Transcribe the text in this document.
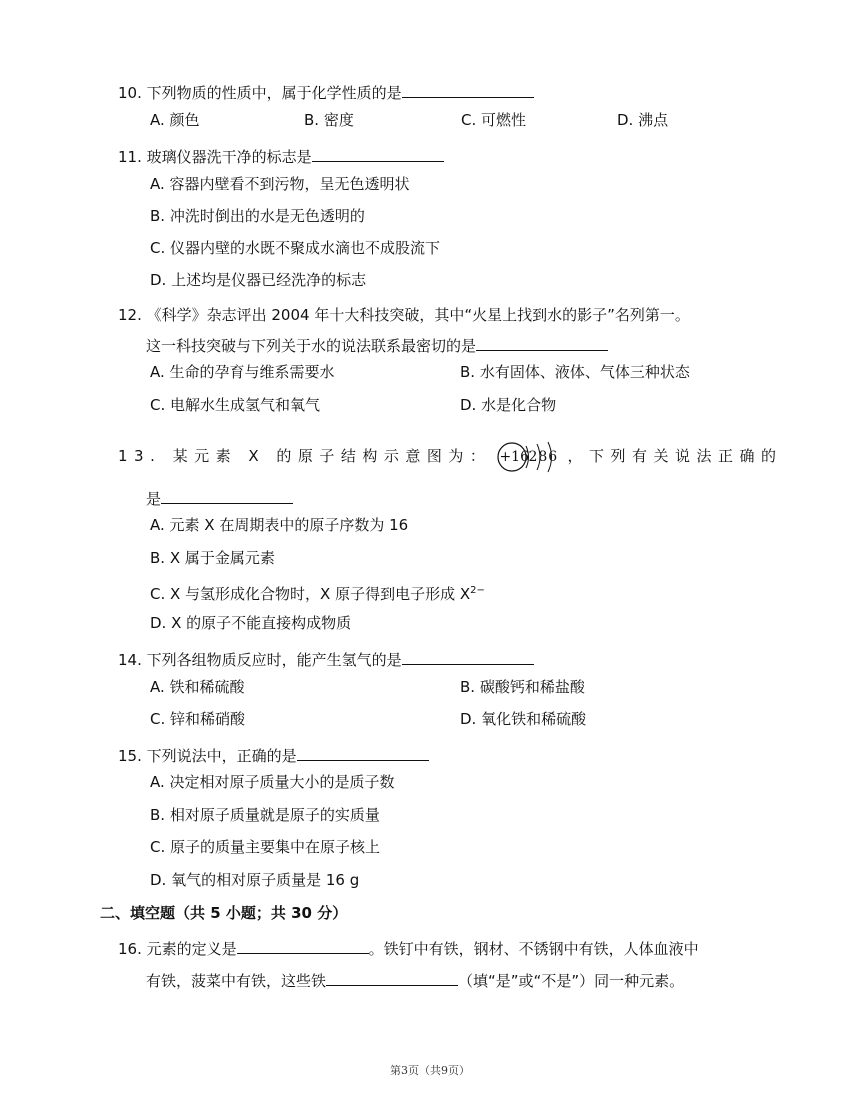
10. 下列物质的性质中，属于化学性质的是
A. 颜色	B. 密度	C. 可燃性	D. 沸点
11. 玻璃仪器洗干净的标志是
A. 容器内壁看不到污物，呈无色透明状
B. 冲洗时倒出的水是无色透明的
C. 仪器内壁的水既不聚成水滴也不成股流下
D. 上述均是仪器已经洗净的标志
12. 《科学》杂志评出 2004 年十大科技突破，其中“火星上找到水的影子”名列第一。
这一科技突破与下列关于水的说法联系最密切的是
A. 生命的孕育与维系需要水	B. 水有固体、液体、气体三种状态
C. 电解水生成氢气和氧气	D. 水是化合物
13. 某元素 X 的原子结构示意图为： +16 286 ，下列有关说法正确的
是
A. 元素 X 在周期表中的原子序数为 16
B. X 属于金属元素
C. X 与氢形成化合物时，X 原子得到电子形成 $X^{2-}$
D. X 的原子不能直接构成物质
14. 下列各组物质反应时，能产生氢气的是
A. 铁和稀硫酸	B. 碳酸钙和稀盐酸
C. 锌和稀硝酸	D. 氧化铁和稀硫酸
15. 下列说法中，正确的是
A. 决定相对原子质量大小的是质子数
B. 相对原子质量就是原子的实质量
C. 原子的质量主要集中在原子核上
D. 氧气的相对原子质量是 16 g
二、填空题（共 5 小题；共 30 分）
16. 元素的定义是	。铁钉中有铁，钢材、不锈钢中有铁，人体血液中
有铁，菠菜中有铁，这些铁	（填“是”或“不是”）同一种元素。
第3页（共9页）
